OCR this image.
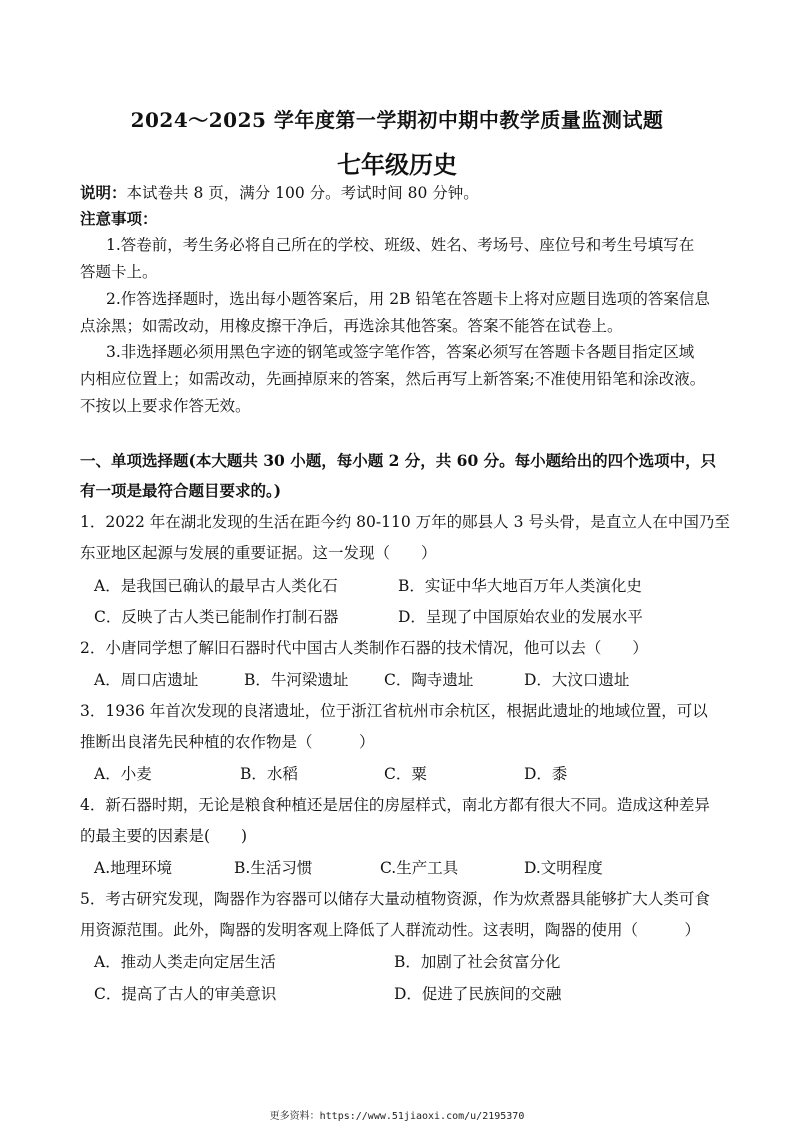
2024～2025 学年度第一学期初中期中教学质量监测试题
七年级历史
说明：本试卷共 8 页，满分 100 分。考试时间 80 分钟。
注意事项：
1.答卷前，考生务必将自己所在的学校、班级、姓名、考场号、座位号和考生号填写在
答题卡上。
2.作答选择题时，选出每小题答案后，用 2B 铅笔在答题卡上将对应题目选项的答案信息
点涂黑；如需改动，用橡皮擦干净后，再选涂其他答案。答案不能答在试卷上。
3.非选择题必须用黑色字迹的钢笔或签字笔作答，答案必须写在答题卡各题目指定区域
内相应位置上；如需改动，先画掉原来的答案，然后再写上新答案;不准使用铅笔和涂改液。
不按以上要求作答无效。
一、单项选择题(本大题共 30 小题，每小题 2 分，共 60 分。每小题给出的四个选项中，只
有一项是最符合题目要求的。)
1．2022 年在湖北发现的生活在距今约 80-110 万年的郧县人 3 号头骨，是直立人在中国乃至
东亚地区起源与发展的重要证据。这一发现（　　）
A．是我国已确认的最早古人类化石	B．实证中华大地百万年人类演化史
C．反映了古人类已能制作打制石器	D．呈现了中国原始农业的发展水平
2．小唐同学想了解旧石器时代中国古人类制作石器的技术情况，他可以去（　　）
A．周口店遗址	B．牛河梁遗址 C．陶寺遗址	D．大汶口遗址
3．1936 年首次发现的良渚遗址，位于浙江省杭州市余杭区，根据此遗址的地域位置，可以
推断出良渚先民种植的农作物是（　　　）
A．小麦	B．水稻	C．粟	D．黍
4．新石器时期，无论是粮食种植还是居住的房屋样式，南北方都有很大不同。造成这种差异
的最主要的因素是(　　)
A.地理环境	B.生活习惯	C.生产工具	D.文明程度
5．考古研究发现，陶器作为容器可以储存大量动植物资源，作为炊煮器具能够扩大人类可食
用资源范围。此外，陶器的发明客观上降低了人群流动性。这表明，陶器的使用（　　　）
A．推动人类走向定居生活	B．加剧了社会贫富分化
C．提高了古人的审美意识	D．促进了民族间的交融
更多资料：https://www.51jiaoxi.com/u/2195370
